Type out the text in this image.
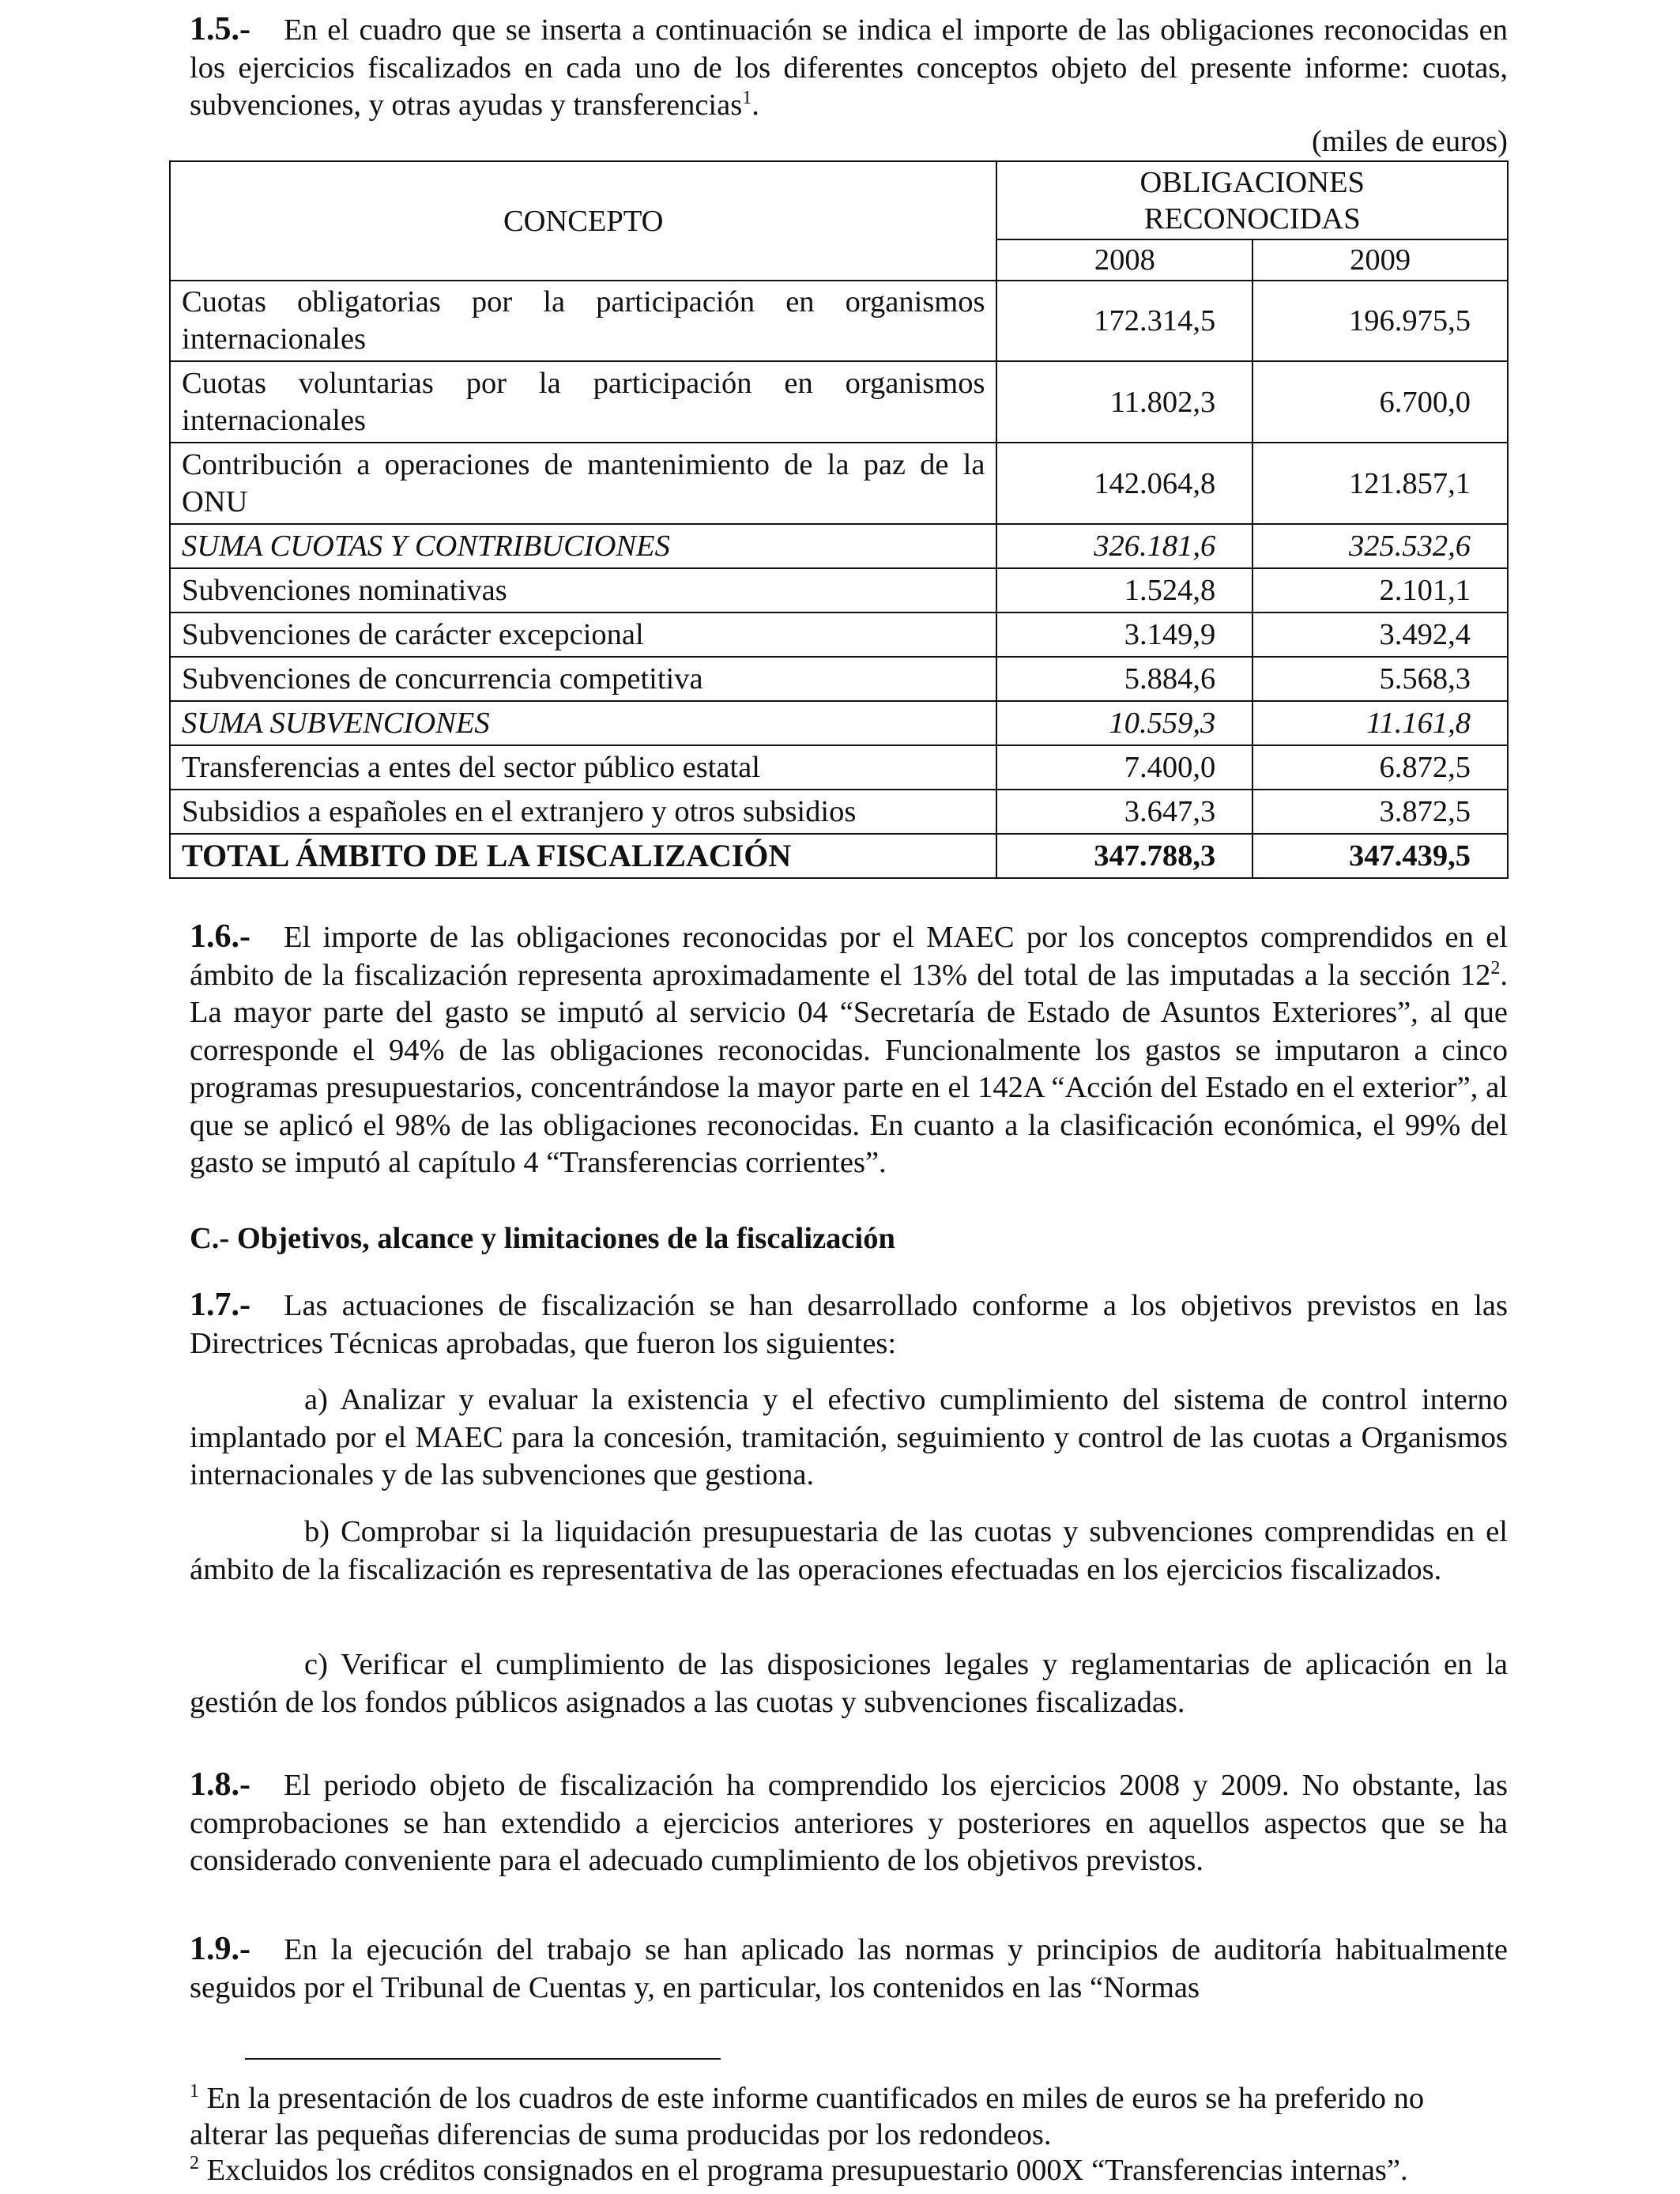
1.5.- En el cuadro que se inserta a continuación se indica el importe de las obligaciones reconocidas en los ejercicios fiscalizados en cada uno de los diferentes conceptos objeto del presente informe: cuotas, subvenciones, y otras ayudas y transferencias$^1$.

(miles de euros)
CONCEPTO	OBLIGACIONES RECONOCIDAS	
	2008	2009
Cuotas obligatorias por la participación en organismos internacionales	172.314,5	196.975,5
Cuotas voluntarias por la participación en organismos internacionales	11.802,3	6.700,0
Contribución a operaciones de mantenimiento de la paz de la ONU	142.064,8	121.857,1
SUMA CUOTAS Y CONTRIBUCIONES	326.181,6	325.532,6
Subvenciones nominativas	1.524,8	2.101,1
Subvenciones de carácter excepcional	3.149,9	3.492,4
Subvenciones de concurrencia competitiva	5.884,6	5.568,3
SUMA SUBVENCIONES	10.559,3	11.161,8
Transferencias a entes del sector público estatal	7.400,0	6.872,5
Subsidios a españoles en el extranjero y otros subsidios	3.647,3	3.872,5
TOTAL ÁMBITO DE LA FISCALIZACIÓN	347.788,3	347.439,5

1.6.- El importe de las obligaciones reconocidas por el MAEC por los conceptos comprendidos en el ámbito de la fiscalización representa aproximadamente el 13% del total de las imputadas a la sección $12^2$. La mayor parte del gasto se imputó al servicio 04 “Secretaría de Estado de Asuntos Exteriores”, al que corresponde el 94% de las obligaciones reconocidas. Funcionalmente los gastos se imputaron a cinco programas presupuestarios, concentrándose la mayor parte en el 142A “Acción del Estado en el exterior”, al que se aplicó el 98% de las obligaciones reconocidas. En cuanto a la clasificación económica, el 99% del gasto se imputó al capítulo 4 “Transferencias corrientes”.

C.- Objetivos, alcance y limitaciones de la fiscalización

1.7.- Las actuaciones de fiscalización se han desarrollado conforme a los objetivos previstos en las Directrices Técnicas aprobadas, que fueron los siguientes:

a) Analizar y evaluar la existencia y el efectivo cumplimiento del sistema de control interno implantado por el MAEC para la concesión, tramitación, seguimiento y control de las cuotas a Organismos internacionales y de las subvenciones que gestiona.

b) Comprobar si la liquidación presupuestaria de las cuotas y subvenciones comprendidas en el ámbito de la fiscalización es representativa de las operaciones efectuadas en los ejercicios fiscalizados.

c) Verificar el cumplimiento de las disposiciones legales y reglamentarias de aplicación en la gestión de los fondos públicos asignados a las cuotas y subvenciones fiscalizadas.

1.8.- El periodo objeto de fiscalización ha comprendido los ejercicios 2008 y 2009. No obstante, las comprobaciones se han extendido a ejercicios anteriores y posteriores en aquellos aspectos que se ha considerado conveniente para el adecuado cumplimiento de los objetivos previstos.

1.9.- En la ejecución del trabajo se han aplicado las normas y principios de auditoría habitualmente seguidos por el Tribunal de Cuentas y, en particular, los contenidos en las “Normas

$^1$ En la presentación de los cuadros de este informe cuantificados en miles de euros se ha preferido no alterar las pequeñas diferencias de suma producidas por los redondeos.
$^2$ Excluidos los créditos consignados en el programa presupuestario 000X “Transferencias internas”.
